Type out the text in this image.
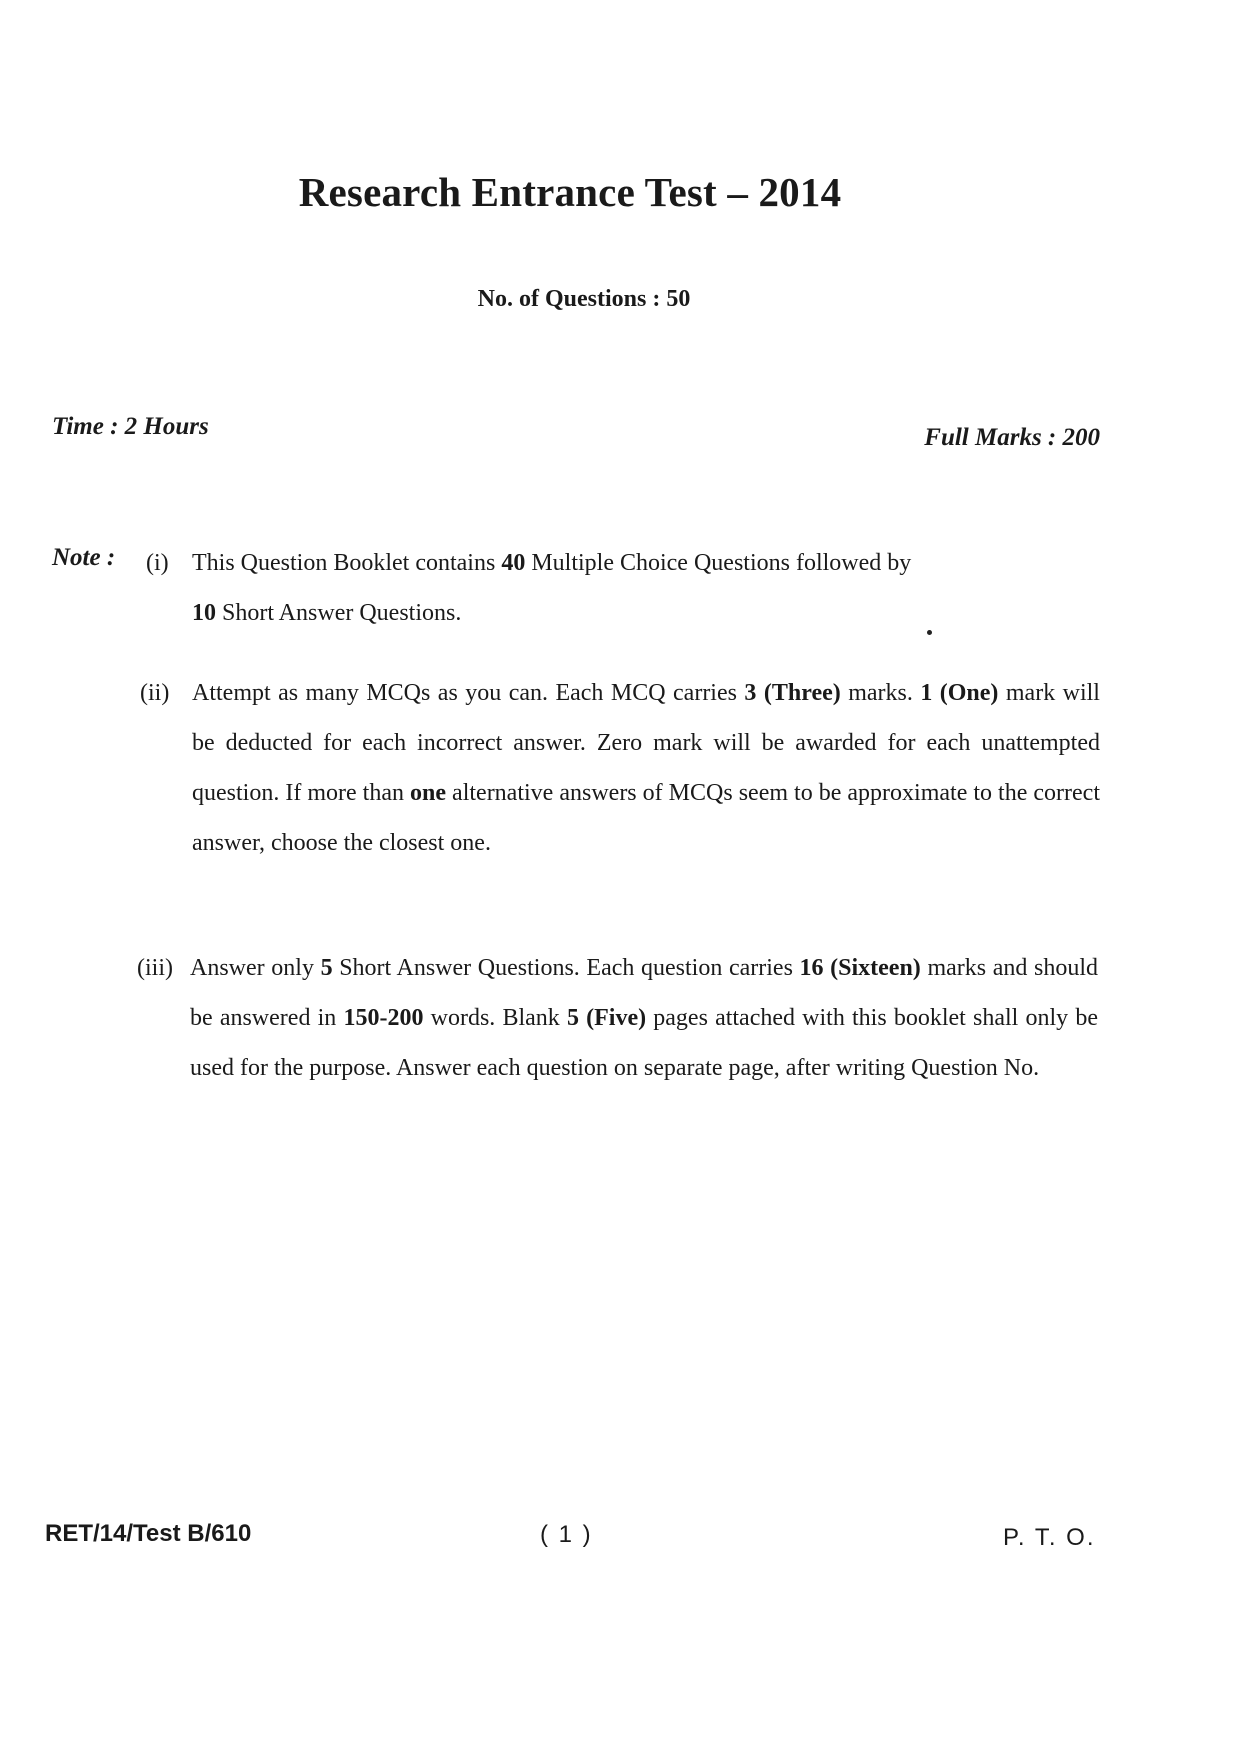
Research Entrance Test – 2014
No. of Questions : 50
Time : 2 Hours	Full Marks : 200
Note : (i) This Question Booklet contains 40 Multiple Choice Questions followed by
10 Short Answer Questions.
(ii) Attempt as many MCQs as you can. Each MCQ carries 3 (Three) marks. 1 (One) mark will be deducted for each incorrect answer. Zero mark will be awarded for each unattempted question. If more than one alternative answers of MCQs seem to be approximate to the correct answer, choose the closest one.
(iii) Answer only 5 Short Answer Questions. Each question carries 16 (Sixteen) marks and should be answered in 150-200 words. Blank 5 (Five) pages attached with this booklet shall only be used for the purpose. Answer each question on separate page, after writing Question No.
RET/14/Test B/610	( 1 )	P. T. O.
